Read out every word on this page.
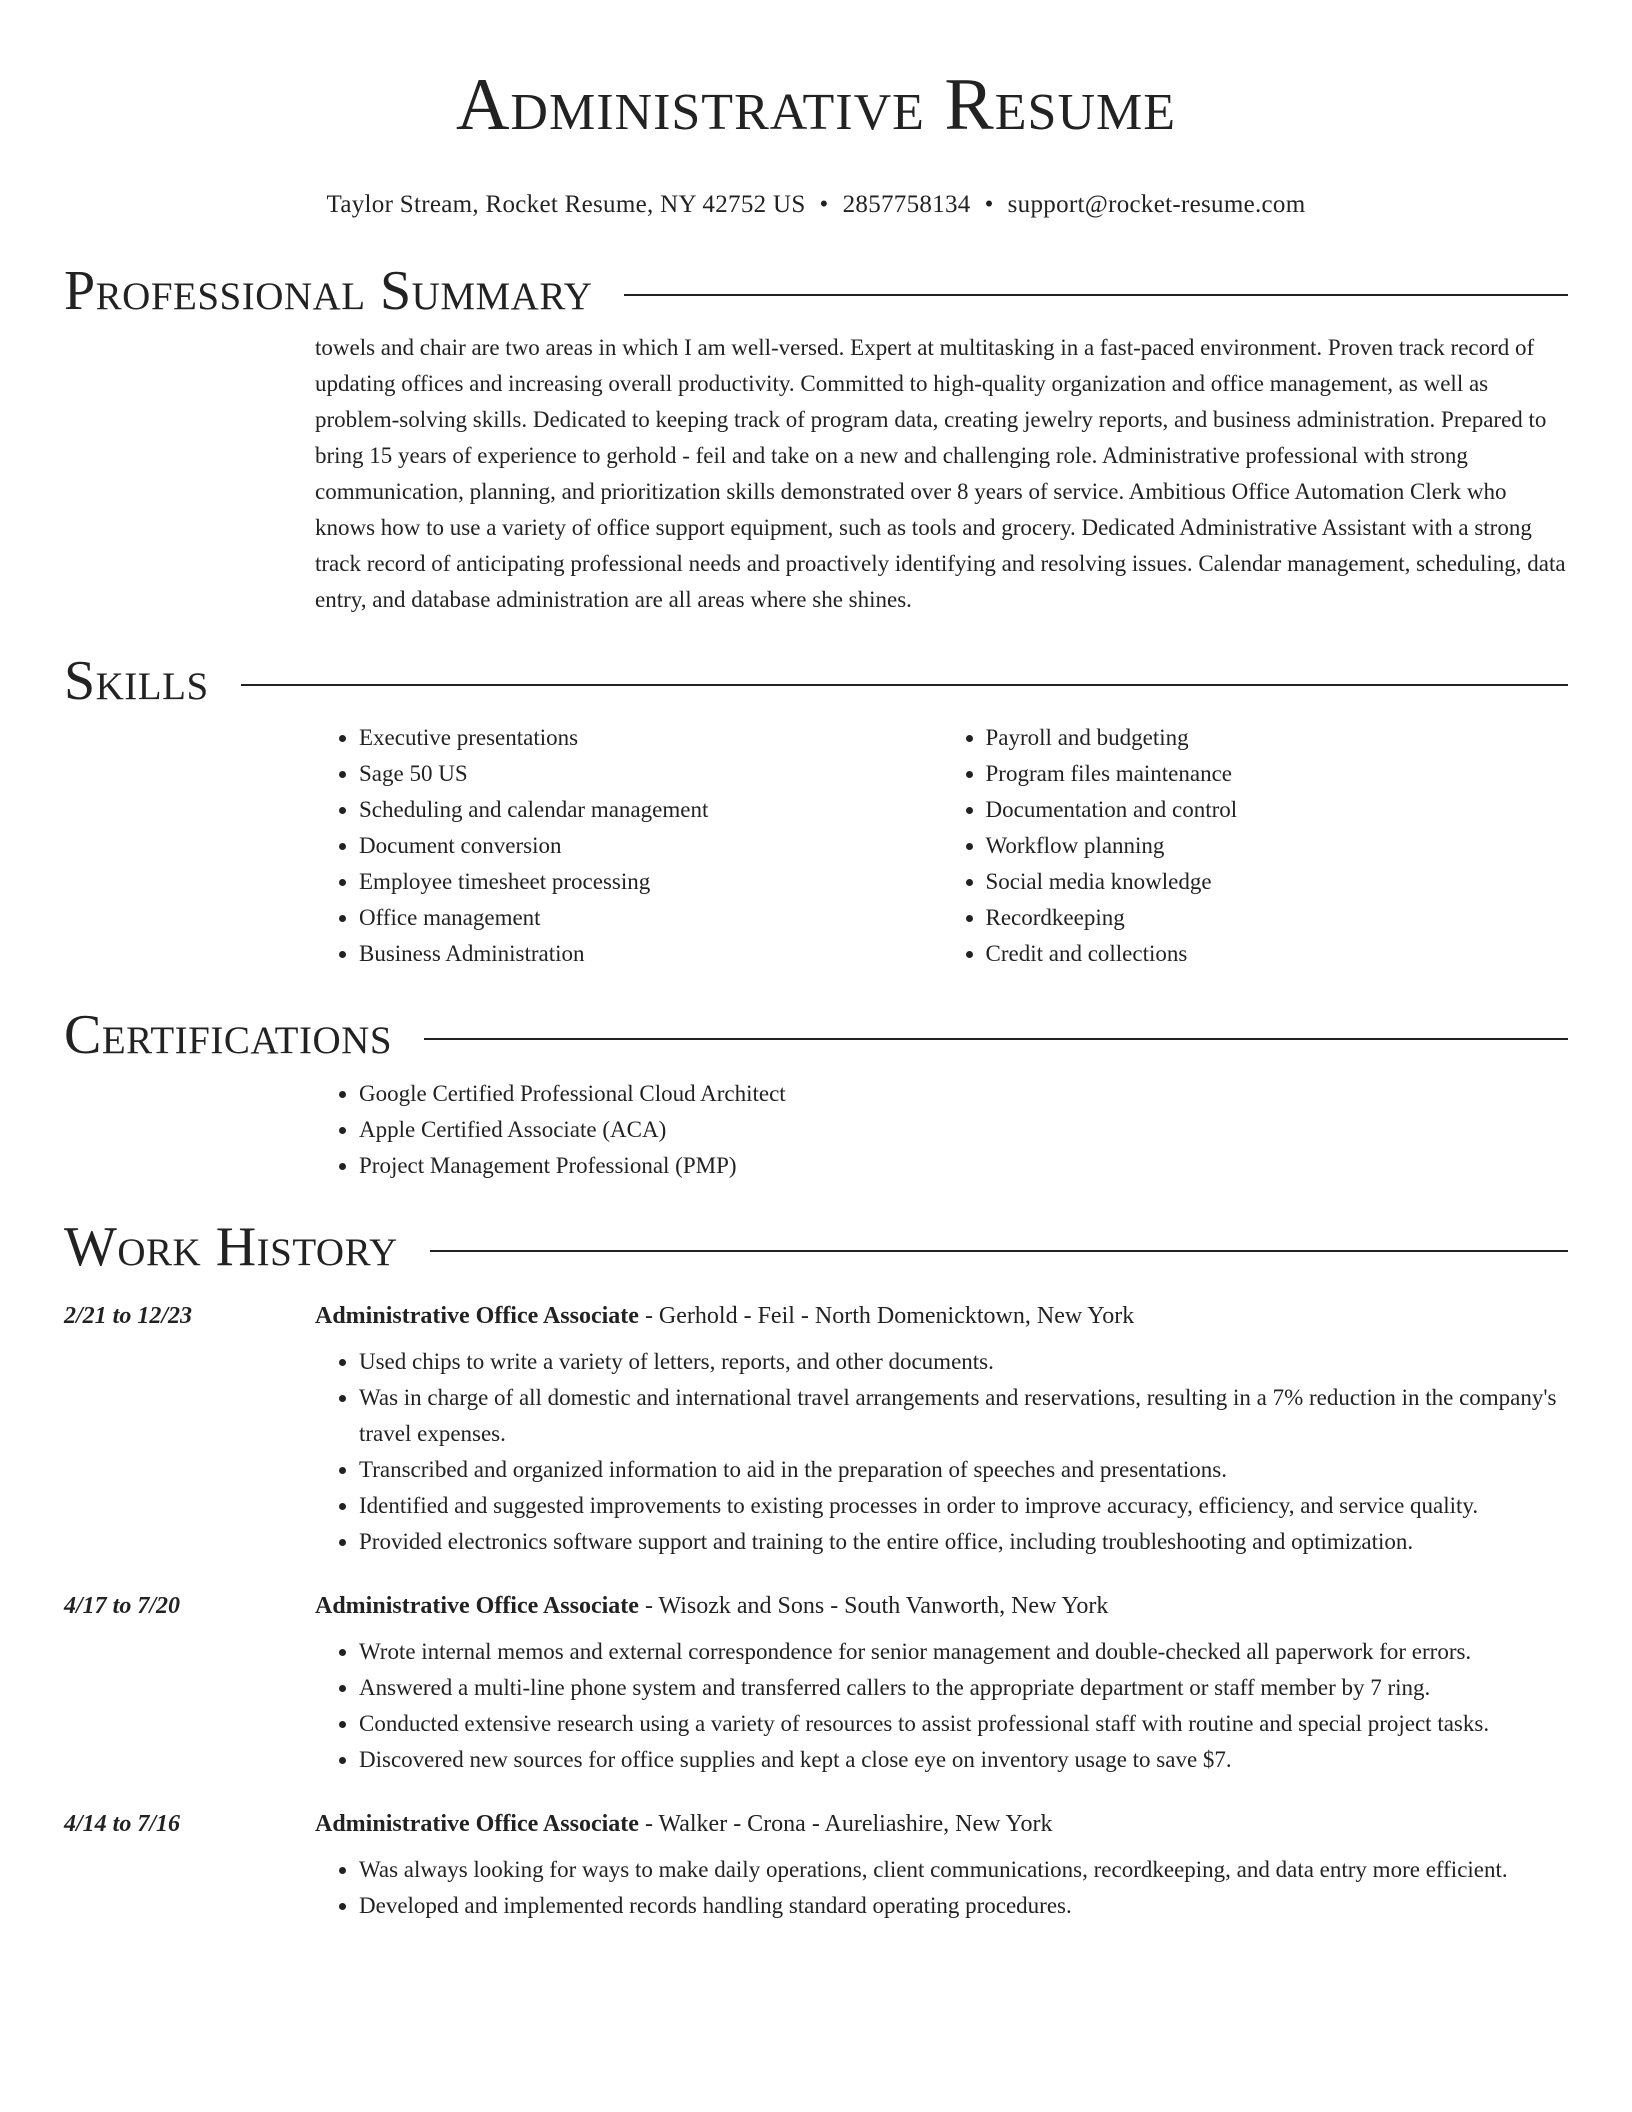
Administrative Resume
Taylor Stream, Rocket Resume, NY 42752 US • 2857758134 • support@rocket-resume.com
Professional Summary
towels and chair are two areas in which I am well-versed. Expert at multitasking in a fast-paced environment. Proven track record of updating offices and increasing overall productivity. Committed to high-quality organization and office management, as well as problem-solving skills. Dedicated to keeping track of program data, creating jewelry reports, and business administration. Prepared to bring 15 years of experience to gerhold - feil and take on a new and challenging role. Administrative professional with strong communication, planning, and prioritization skills demonstrated over 8 years of service. Ambitious Office Automation Clerk who knows how to use a variety of office support equipment, such as tools and grocery. Dedicated Administrative Assistant with a strong track record of anticipating professional needs and proactively identifying and resolving issues. Calendar management, scheduling, data entry, and database administration are all areas where she shines.
Skills
• Executive presentations
• Sage 50 US
• Scheduling and calendar management
• Document conversion
• Employee timesheet processing
• Office management
• Business Administration
• Payroll and budgeting
• Program files maintenance
• Documentation and control
• Workflow planning
• Social media knowledge
• Recordkeeping
• Credit and collections
Certifications
• Google Certified Professional Cloud Architect
• Apple Certified Associate (ACA)
• Project Management Professional (PMP)
Work History
2/21 to 12/23	Administrative Office Associate - Gerhold - Feil - North Domenicktown, New York
• Used chips to write a variety of letters, reports, and other documents.
• Was in charge of all domestic and international travel arrangements and reservations, resulting in a 7% reduction in the company's travel expenses.
• Transcribed and organized information to aid in the preparation of speeches and presentations.
• Identified and suggested improvements to existing processes in order to improve accuracy, efficiency, and service quality.
• Provided electronics software support and training to the entire office, including troubleshooting and optimization.
4/17 to 7/20	Administrative Office Associate - Wisozk and Sons - South Vanworth, New York
• Wrote internal memos and external correspondence for senior management and double-checked all paperwork for errors.
• Answered a multi-line phone system and transferred callers to the appropriate department or staff member by 7 ring.
• Conducted extensive research using a variety of resources to assist professional staff with routine and special project tasks.
• Discovered new sources for office supplies and kept a close eye on inventory usage to save $7.
4/14 to 7/16	Administrative Office Associate - Walker - Crona - Aureliashire, New York
• Was always looking for ways to make daily operations, client communications, recordkeeping, and data entry more efficient.
• Developed and implemented records handling standard operating procedures.
